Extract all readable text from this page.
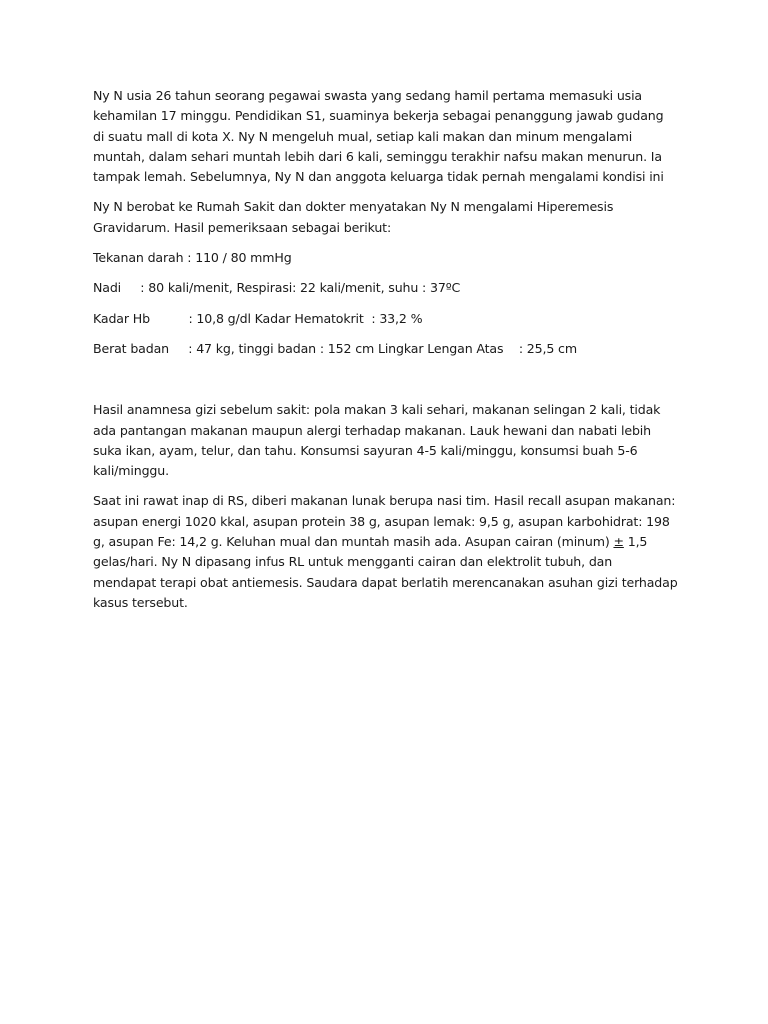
Ny N usia 26 tahun seorang pegawai swasta yang sedang hamil pertama memasuki usia kehamilan 17 minggu. Pendidikan S1, suaminya bekerja sebagai penanggung jawab gudang di suatu mall di kota X. Ny N mengeluh mual, setiap kali makan dan minum mengalami muntah, dalam sehari muntah lebih dari 6 kali, seminggu terakhir nafsu makan menurun. Ia tampak lemah. Sebelumnya, Ny N dan anggota keluarga tidak pernah mengalami kondisi ini

Ny N berobat ke Rumah Sakit dan dokter menyatakan Ny N mengalami Hiperemesis Gravidarum. Hasil pemeriksaan sebagai berikut:

Tekanan darah : 110 / 80 mmHg

Nadi     : 80 kali/menit, Respirasi: 22 kali/menit, suhu : 37ºC

Kadar Hb          : 10,8 g/dl Kadar Hematokrit  : 33,2 %

Berat badan     : 47 kg, tinggi badan : 152 cm Lingkar Lengan Atas    : 25,5 cm

Hasil anamnesa gizi sebelum sakit: pola makan 3 kali sehari, makanan selingan 2 kali, tidak ada pantangan makanan maupun alergi terhadap makanan. Lauk hewani dan nabati lebih suka ikan, ayam, telur, dan tahu. Konsumsi sayuran 4-5 kali/minggu, konsumsi buah 5-6 kali/minggu.

Saat ini rawat inap di RS, diberi makanan lunak berupa nasi tim. Hasil recall asupan makanan: asupan energi 1020 kkal, asupan protein 38 g, asupan lemak: 9,5 g, asupan karbohidrat: 198 g, asupan Fe: 14,2 g. Keluhan mual dan muntah masih ada. Asupan cairan (minum) ± 1,5 gelas/hari. Ny N dipasang infus RL untuk mengganti cairan dan elektrolit tubuh, dan mendapat terapi obat antiemesis. Saudara dapat berlatih merencanakan asuhan gizi terhadap kasus tersebut.
